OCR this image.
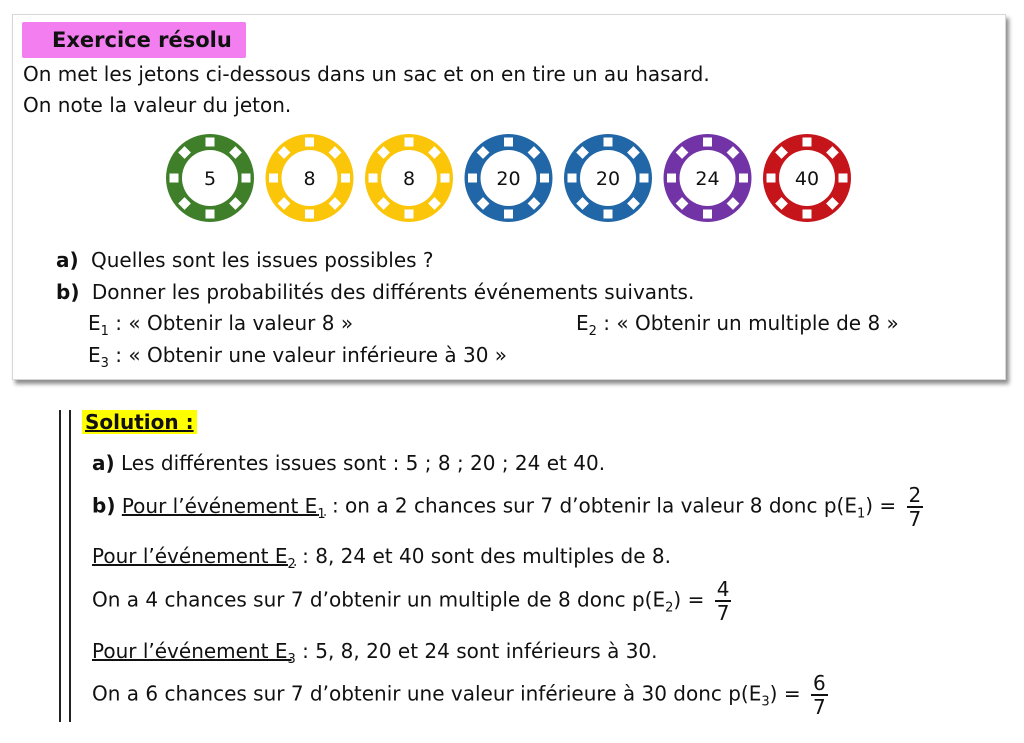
Exercice résolu
On met les jetons ci-dessous dans un sac et on en tire un au hasard.
On note la valeur du jeton.
5	8	8	20	20	24	40
a) Quelles sont les issues possibles ?
b) Donner les probabilités des différents événements suivants.
$E_1$ : « Obtenir la valeur 8 »	$E_2$ : « Obtenir un multiple de 8 »
$E_3$ : « Obtenir une valeur inférieure à 30 »
Solution :
a) Les différentes issues sont : 5 ; 8 ; 20 ; 24 et 40.
b) Pour l’événement $E_1$ : on a 2 chances sur 7 d’obtenir la valeur 8 donc $p(E_1) = \frac{2}{7}$
Pour l’événement $E_2$ : 8, 24 et 40 sont des multiples de 8.
On a 4 chances sur 7 d’obtenir un multiple de 8 donc $p(E_2) = \frac{4}{7}$
Pour l’événement $E_3$ : 5, 8, 20 et 24 sont inférieurs à 30.
On a 6 chances sur 7 d’obtenir une valeur inférieure à 30 donc $p(E_3) = \frac{6}{7}$
